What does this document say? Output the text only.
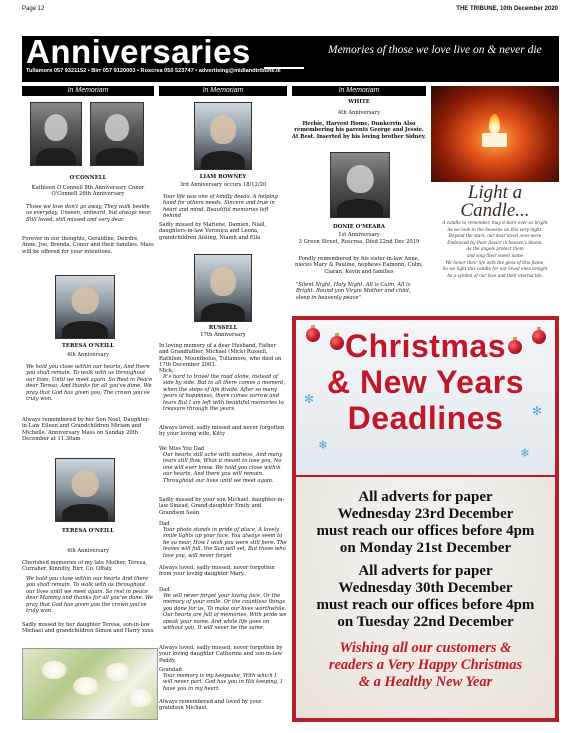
Page 12	THE TRIBUNE, 10th December 2020
Anniversaries	Memories of those we love live on & never die
Tullamore 057 9321152 • Birr 057 9120003 • Roscrea 050 523747 • advertising@midlandtribune.ie
In Memoriam	In Memoriam	In Memoriam
O'CONNELL
Kathleen O'Connell 8th Anniversary Conor O'Connell 26th Anniversary
Those we love don't go away, They walk beside us everyday, Unseen, unheard, but always near. Still loved, still missed and very dear.
Forever in our thoughts, Geraldine, Deirdre, Anne, Joe, Brenda, Conor and their families. Mass will be offered for your intentions.
TERESA O'NEILL
4th Anniversary
We hold you close within our hearts, And there you shall remain. To walk with us throughout our lives, Until we meet again. So Rest in Peace dear Teresa, And thanks for all you've done, We pray that God has given you, The crown you've truly won.
Always remembered by her Son Noel, Daughter-in-Law Eileen and Grandchildren Miriam and Michelle. Anniversary Mass on Sunday 20th December at 11.30am
TERESA O'NEILL
4th Anniversary
Cherished memories of my late Mother, Teresa, Curraher, Kinnitty, Birr, Co. Offaly.
We hold you close within our hearts And there you shall remain. To walk with us throughout our lives until we meet again. So rest in peace dear Mammy and thanks for all you've done. We pray that God has given you the crown you've truly won.
Sadly missed by her daughter Teresa, son-in-law Michael and grandchildren Simon and Harry xxxx
LIAM ROWNEY
3rd Anniversary occurs 18/12/20
Your life was one of kindly deeds. A helping hand for others needs. Sincere and true in heart and mind. Beautiful memories left behind
Sadly missed by Marlene, Damien, Niall, daughters-in-law Veronica and Leona, grandchildren Aisling, Niamh and Ella
RUSSELL
17th Anniversary
In loving memory of a dear Husband, Father and Grandfather, Michael (Mick) Russell, Rathlion, Mountbolus, Tullamore, who died on 17th December 2003.
Mick,
It's hard to travel the road alone, instead of side by side. But to all there comes a moment, when the steps of life divide. After so many years of happiness, there comes sorrow and tears But I am left with beautiful memories to treasure through the years.
Always loved, sadly missed and never forgotten by your loving wife, Kitty
We Miss You Dad
Our hearts still ache with sadness, And many tears still flow, What it meant to lose you, No one will ever know. We hold you close within our hearts, And there you will remain. Throughout our lives until we meet again.
Sadly missed by your son Michael, daughter-in-law Sinead, Grand-daughter Emily and Grandson Seán
Dad
Your photo stands in pride of place, A lovely smile lights up your face, You always seem to be so near, How I wish you were still here. The leaves will fall, the Sun will set, But those who love you, will never forget
Always loved, sadly missed, never forgotten from your loving daughter Mary.
Dad
We will never forget your loving face, Or the memory of your smile. Or the countless things you done for us, To make our lives worthwhile. Our hearts are full of memories, With pride we speak your name. And while life goes on without you, It will never be the same.
Always loved, sadly missed, never forgotten by your loving daughter Catherine and son-in-law Paddy.
Grandad
Your memory is my keepsake, With which I will never part. God has you in His keeping, I have you in my heart.
Always remembered and loved by your grandson Michael.
WHITE
4th Anniversary
Herbie, Harvest Home, Dunkerrin Also remembering his parents George and Jessie. At Rest. Inserted by his loving brother Sidney.
DONIE O'MEARA
1st Anniversary
3 Green Street, Roscrea. Died 22nd Dec 2019
Fondly remembered by his sister-in-law Anne, nieces Mary & Pauline, nephews Eamonn, Colm, Ciaran, Kevin and families
"Silent Night, Holy Night. All is Calm, All is Bright. Round yon Virgin Mother and child, sleep in heavenly peace"
Light a Candle...

A candle to remember, may it burn ever so bright

As we look to the heavens on this very night.

Beyond the stars, our dear loved ones were

Embraced by their Savior in heaven's bloom.

As the angels protect them

and sing their sweet name

We honor their life with the glow of this flame,

So we light this candle for our loved ones tonight

As a symbol of our love and their eternal life.

✻
✻
❄
❄
Christmas
& New Years
Deadlines
All adverts for paper
Wednesday 23rd December
must reach our offices before 4pm
on Monday 21st December
All adverts for paper
Wednesday 30th December
must reach our offices before 4pm
on Tuesday 22nd December
Wishing all our customers &
readers a Very Happy Christmas
& a Healthy New Year
